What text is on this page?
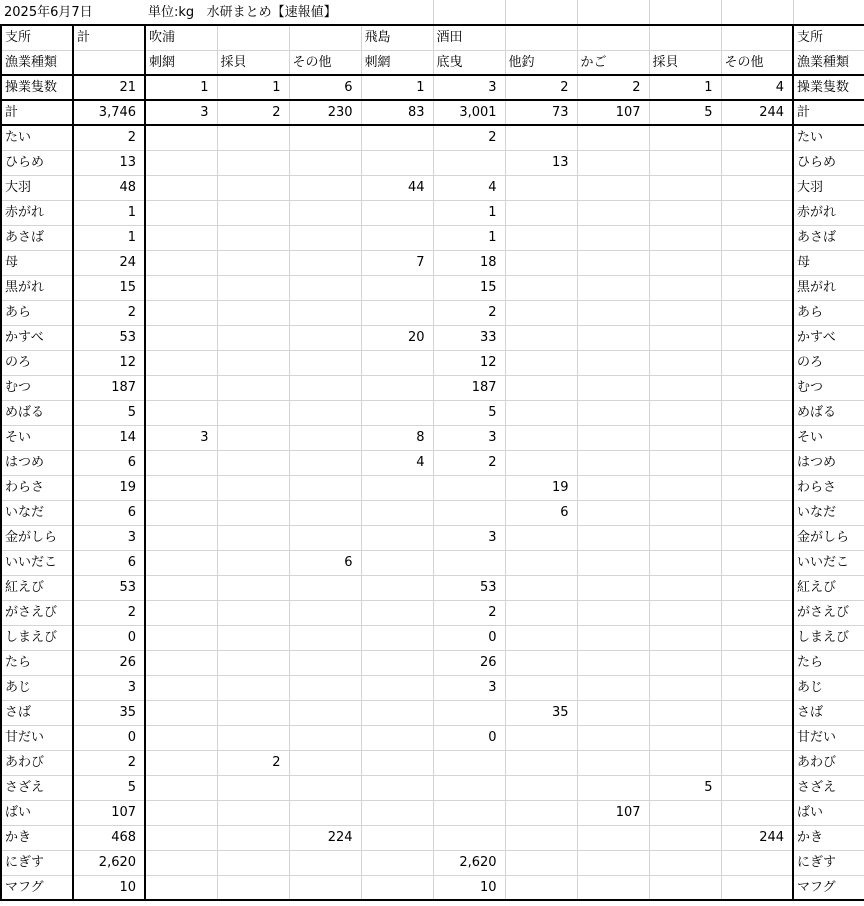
2025年6月7日		単位:kg 水研まとめ【速報値】										
支所	計	吹浦			飛島	酒田					支所	
漁業種類		刺網	採貝	その他	刺網	底曳	他釣	かご	採貝	その他	漁業種類	
操業隻数	21	1	1	6	1	3	2	2	1	4	操業隻数	
計	3,746	3	2	230	83	3,001	73	107	5	244	計	
たい	2					2					たい	
ひらめ	13						13				ひらめ	
大羽	48				44	4					大羽	
赤がれ	1					1					赤がれ	
あさば	1					1					あさば	
母	24				7	18					母	
黒がれ	15					15					黒がれ	
あら	2					2					あら	
かすべ	53				20	33					かすべ	
のろ	12					12					のろ	
むつ	187					187					むつ	
めばる	5					5					めばる	
そい	14	3			8	3					そい	
はつめ	6				4	2					はつめ	
わらさ	19						19				わらさ	
いなだ	6						6				いなだ	
金がしら	3					3					金がしら	
いいだこ	6			6							いいだこ	
紅えび	53					53					紅えび	
がさえび	2					2					がさえび	
しまえび	0					0					しまえび	
たら	26					26					たら	
あじ	3					3					あじ	
さば	35						35				さば	
甘だい	0					0					甘だい	
あわび	2		2								あわび	
さざえ	5								5		さざえ	
ばい	107							107			ばい	
かき	468			224						244	かき	
にぎす	2,620					2,620					にぎす	
マフグ	10					10					マフグ	
